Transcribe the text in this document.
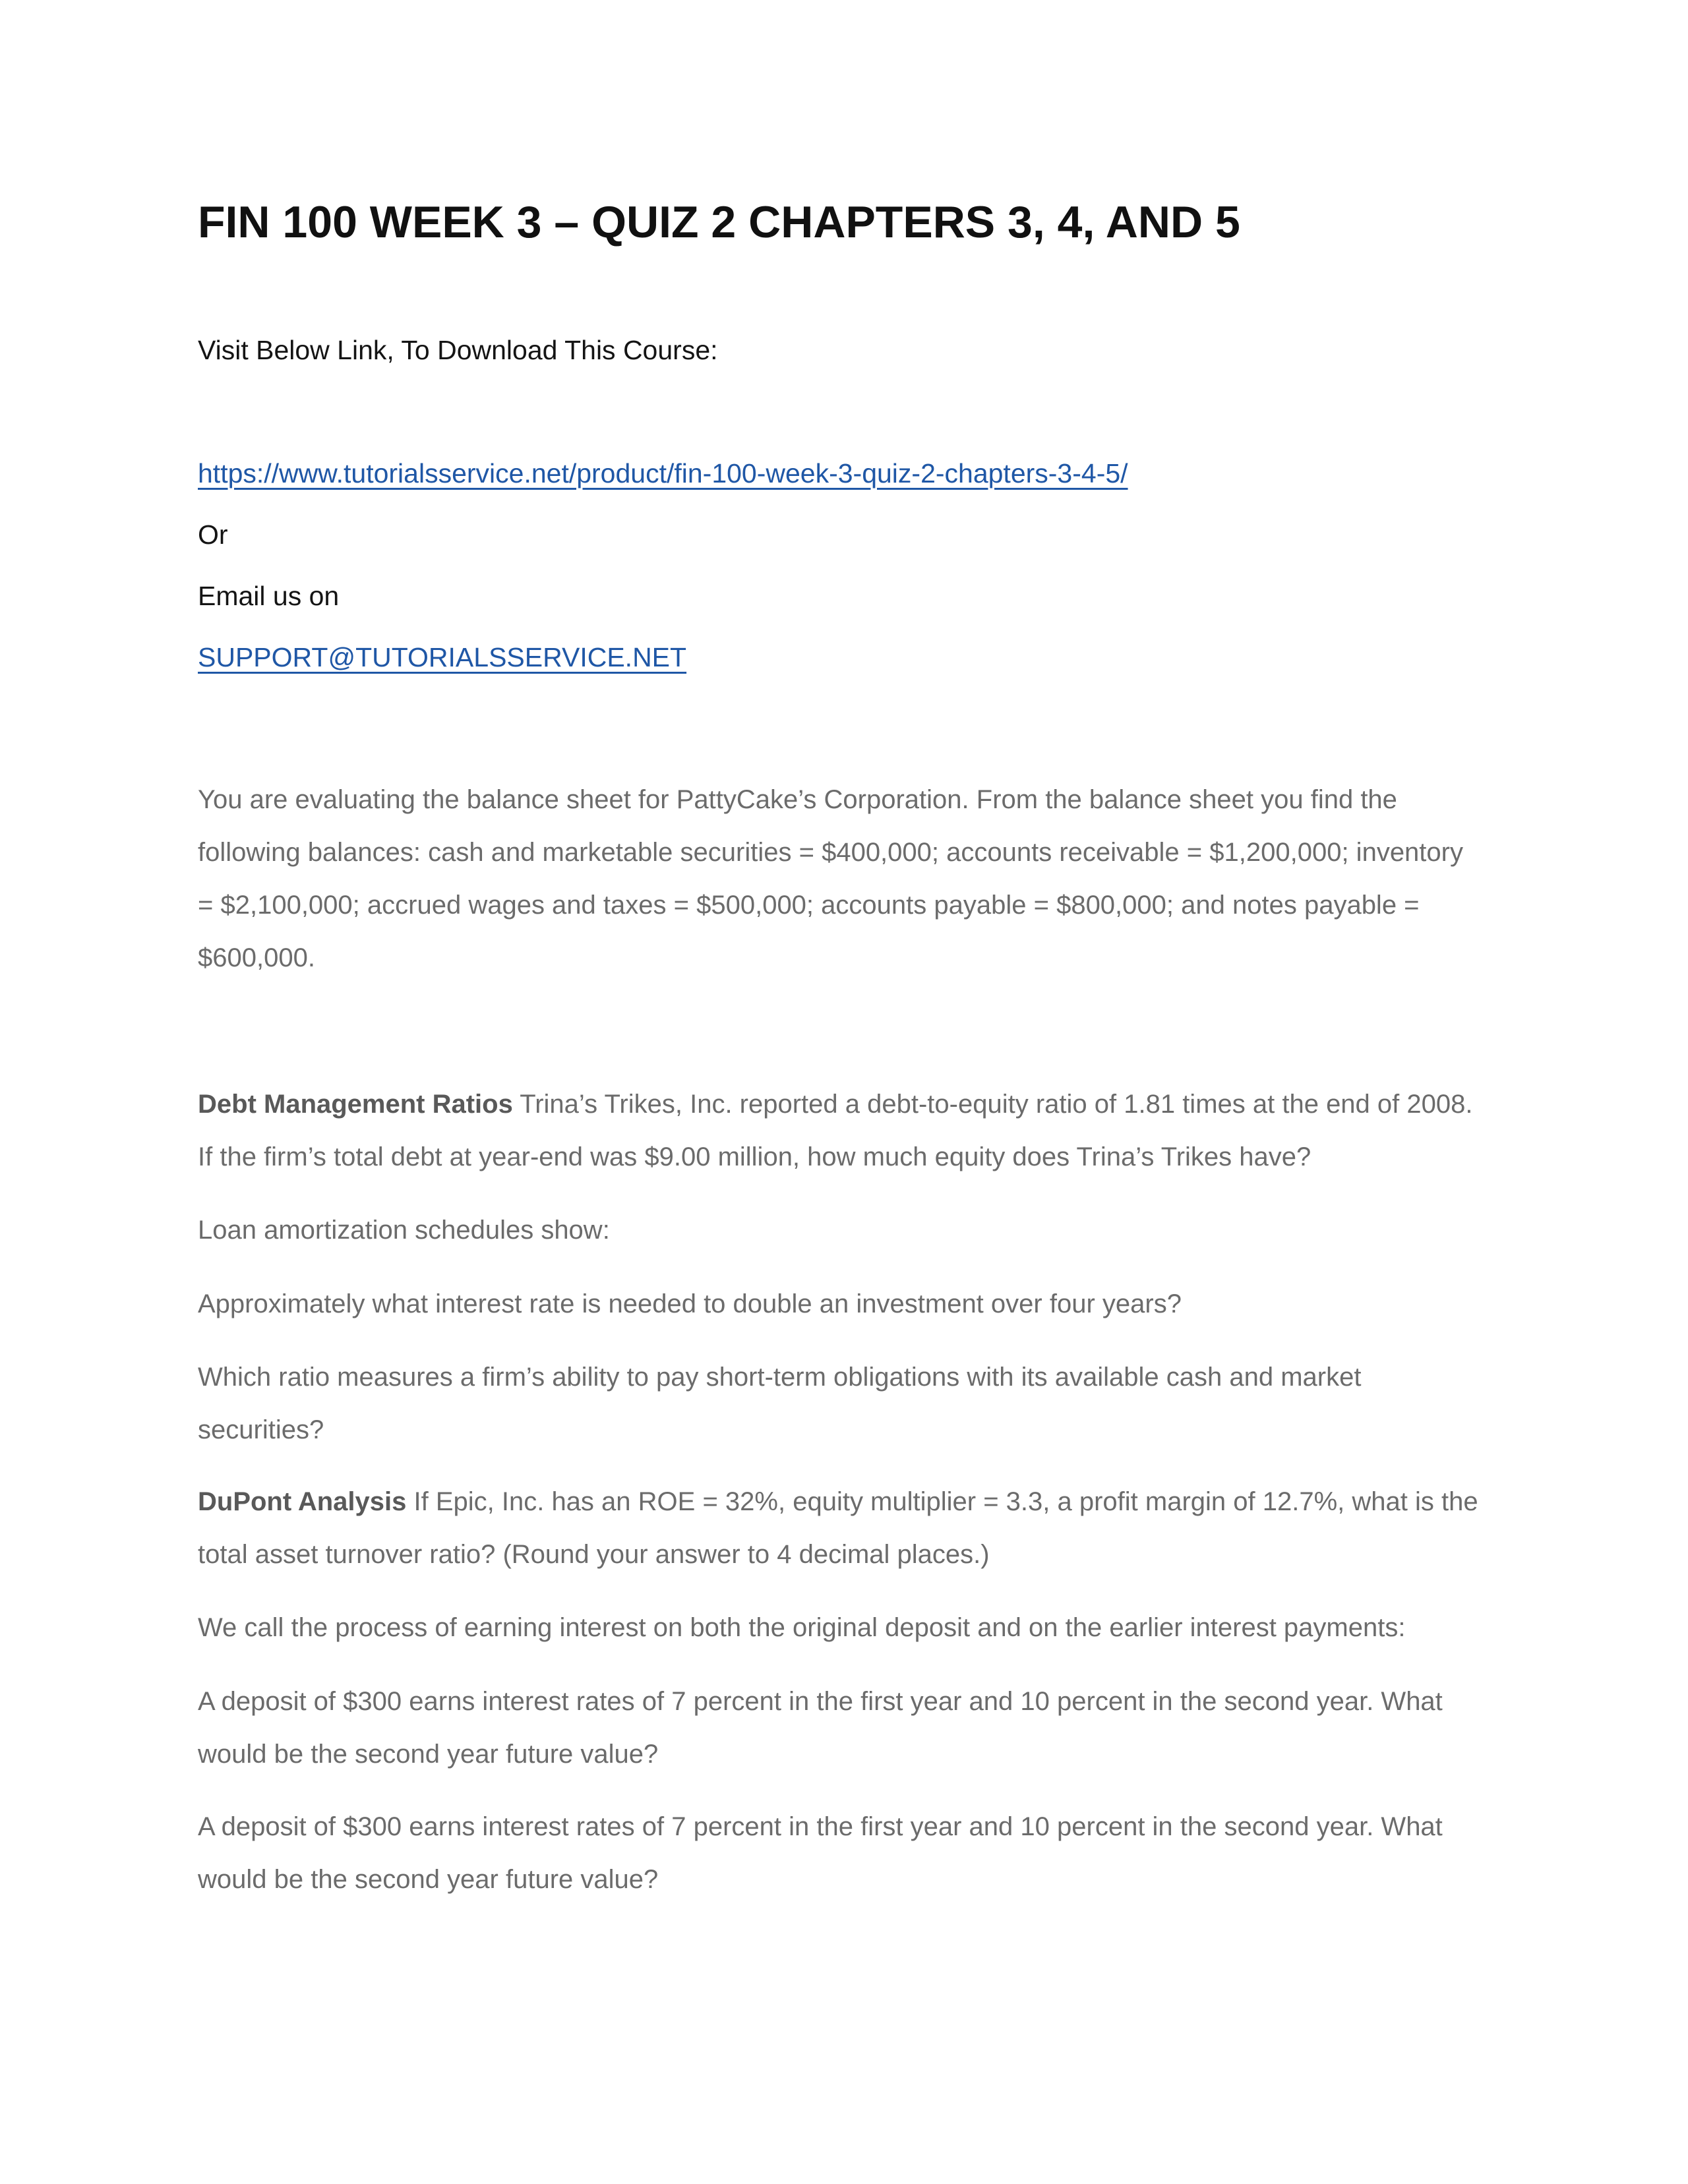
FIN 100 WEEK 3 – QUIZ 2 CHAPTERS 3, 4, AND 5

Visit Below Link, To Download This Course:

https://www.tutorialsservice.net/product/fin-100-week-3-quiz-2-chapters-3-4-5/

Or

Email us on

SUPPORT@TUTORIALSSERVICE.NET

You are evaluating the balance sheet for PattyCake’s Corporation. From the balance sheet you find the following balances: cash and marketable securities = $400,000; accounts receivable = $1,200,000; inventory = $2,100,000; accrued wages and taxes = $500,000; accounts payable = $800,000; and notes payable = $600,000.

Debt Management Ratios Trina’s Trikes, Inc. reported a debt-to-equity ratio of 1.81 times at the end of 2008. If the firm’s total debt at year-end was $9.00 million, how much equity does Trina’s Trikes have?

Loan amortization schedules show:

Approximately what interest rate is needed to double an investment over four years?

Which ratio measures a firm’s ability to pay short-term obligations with its available cash and market securities?

DuPont Analysis If Epic, Inc. has an ROE = 32%, equity multiplier = 3.3, a profit margin of 12.7%, what is the total asset turnover ratio? (Round your answer to 4 decimal places.)

We call the process of earning interest on both the original deposit and on the earlier interest payments:

A deposit of $300 earns interest rates of 7 percent in the first year and 10 percent in the second year. What would be the second year future value?

A deposit of $300 earns interest rates of 7 percent in the first year and 10 percent in the second year. What would be the second year future value?
